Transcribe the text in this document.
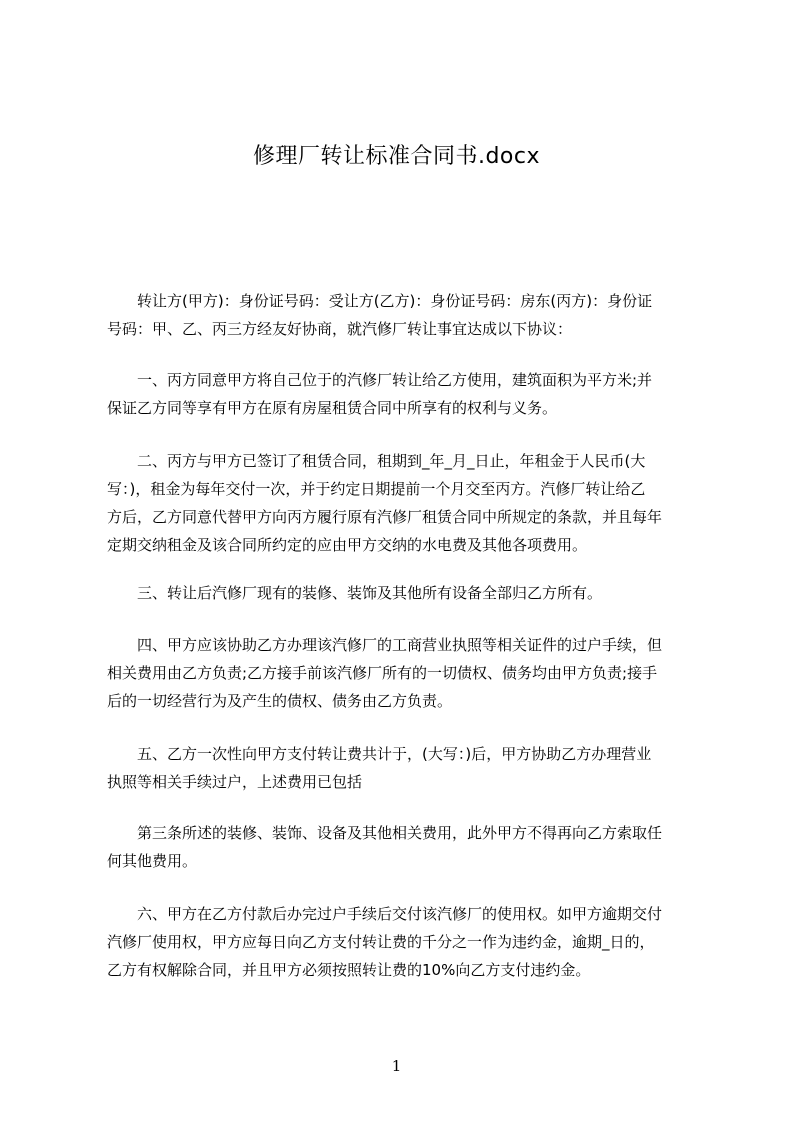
修理厂转让标准合同书.docx

　　转让方(甲方)：身份证号码：受让方(乙方)：身份证号码：房东(丙方)：身份证
号码：甲、乙、丙三方经友好协商，就汽修厂转让事宜达成以下协议：

　　一、丙方同意甲方将自己位于的汽修厂转让给乙方使用，建筑面积为平方米;并
保证乙方同等享有甲方在原有房屋租赁合同中所享有的权利与义务。

　　二、丙方与甲方已签订了租赁合同，租期到_年_月_日止，年租金于人民币(大
写：)，租金为每年交付一次，并于约定日期提前一个月交至丙方。汽修厂转让给乙
方后，乙方同意代替甲方向丙方履行原有汽修厂租赁合同中所规定的条款，并且每年
定期交纳租金及该合同所约定的应由甲方交纳的水电费及其他各项费用。

　　三、转让后汽修厂现有的装修、装饰及其他所有设备全部归乙方所有。

　　四、甲方应该协助乙方办理该汽修厂的工商营业执照等相关证件的过户手续，但
相关费用由乙方负责;乙方接手前该汽修厂所有的一切债权、债务均由甲方负责;接手
后的一切经营行为及产生的债权、债务由乙方负责。

　　五、乙方一次性向甲方支付转让费共计于，(大写：)后，甲方协助乙方办理营业
执照等相关手续过户，上述费用已包括

　　第三条所述的装修、装饰、设备及其他相关费用，此外甲方不得再向乙方索取任
何其他费用。

　　六、甲方在乙方付款后办完过户手续后交付该汽修厂的使用权。如甲方逾期交付
汽修厂使用权，甲方应每日向乙方支付转让费的千分之一作为违约金，逾期_日的，
乙方有权解除合同，并且甲方必须按照转让费的10%向乙方支付违约金。

1
